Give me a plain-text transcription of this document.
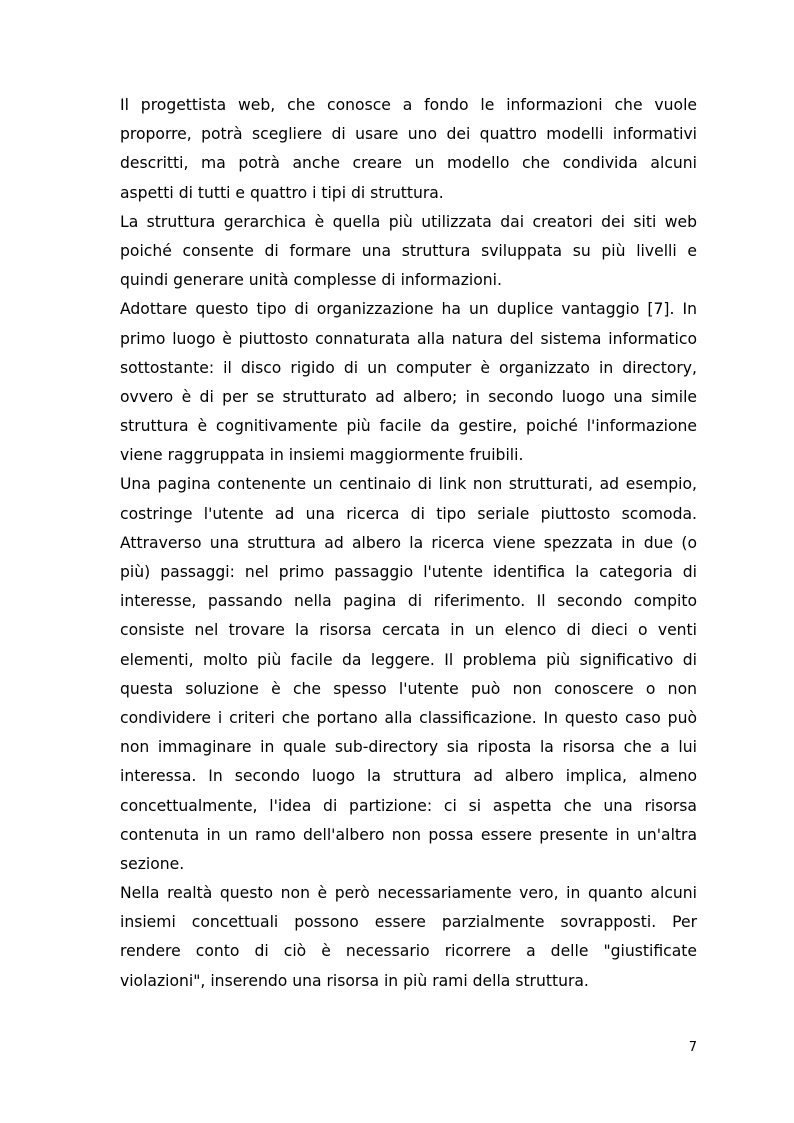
Il progettista web, che conosce a fondo le informazioni che vuole
proporre, potrà scegliere di usare uno dei quattro modelli informativi
descritti, ma potrà anche creare un modello che condivida alcuni
aspetti di tutti e quattro i tipi di struttura.
La struttura gerarchica è quella più utilizzata dai creatori dei siti web
poiché consente di formare una struttura sviluppata su più livelli e
quindi generare unità complesse di informazioni.
Adottare questo tipo di organizzazione ha un duplice vantaggio [7]. In
primo luogo è piuttosto connaturata alla natura del sistema informatico
sottostante: il disco rigido di un computer è organizzato in directory,
ovvero è di per se strutturato ad albero; in secondo luogo una simile
struttura è cognitivamente più facile da gestire, poiché l'informazione
viene raggruppata in insiemi maggiormente fruibili.
Una pagina contenente un centinaio di link non strutturati, ad esempio,
costringe l'utente ad una ricerca di tipo seriale piuttosto scomoda.
Attraverso una struttura ad albero la ricerca viene spezzata in due (o
più) passaggi: nel primo passaggio l'utente identifica la categoria di
interesse, passando nella pagina di riferimento. Il secondo compito
consiste nel trovare la risorsa cercata in un elenco di dieci o venti
elementi, molto più facile da leggere. Il problema più significativo di
questa soluzione è che spesso l'utente può non conoscere o non
condividere i criteri che portano alla classificazione. In questo caso può
non immaginare in quale sub-directory sia riposta la risorsa che a lui
interessa. In secondo luogo la struttura ad albero implica, almeno
concettualmente, l'idea di partizione: ci si aspetta che una risorsa
contenuta in un ramo dell'albero non possa essere presente in un'altra
sezione.
Nella realtà questo non è però necessariamente vero, in quanto alcuni
insiemi concettuali possono essere parzialmente sovrapposti. Per
rendere conto di ciò è necessario ricorrere a delle "giustificate
violazioni", inserendo una risorsa in più rami della struttura.
7
